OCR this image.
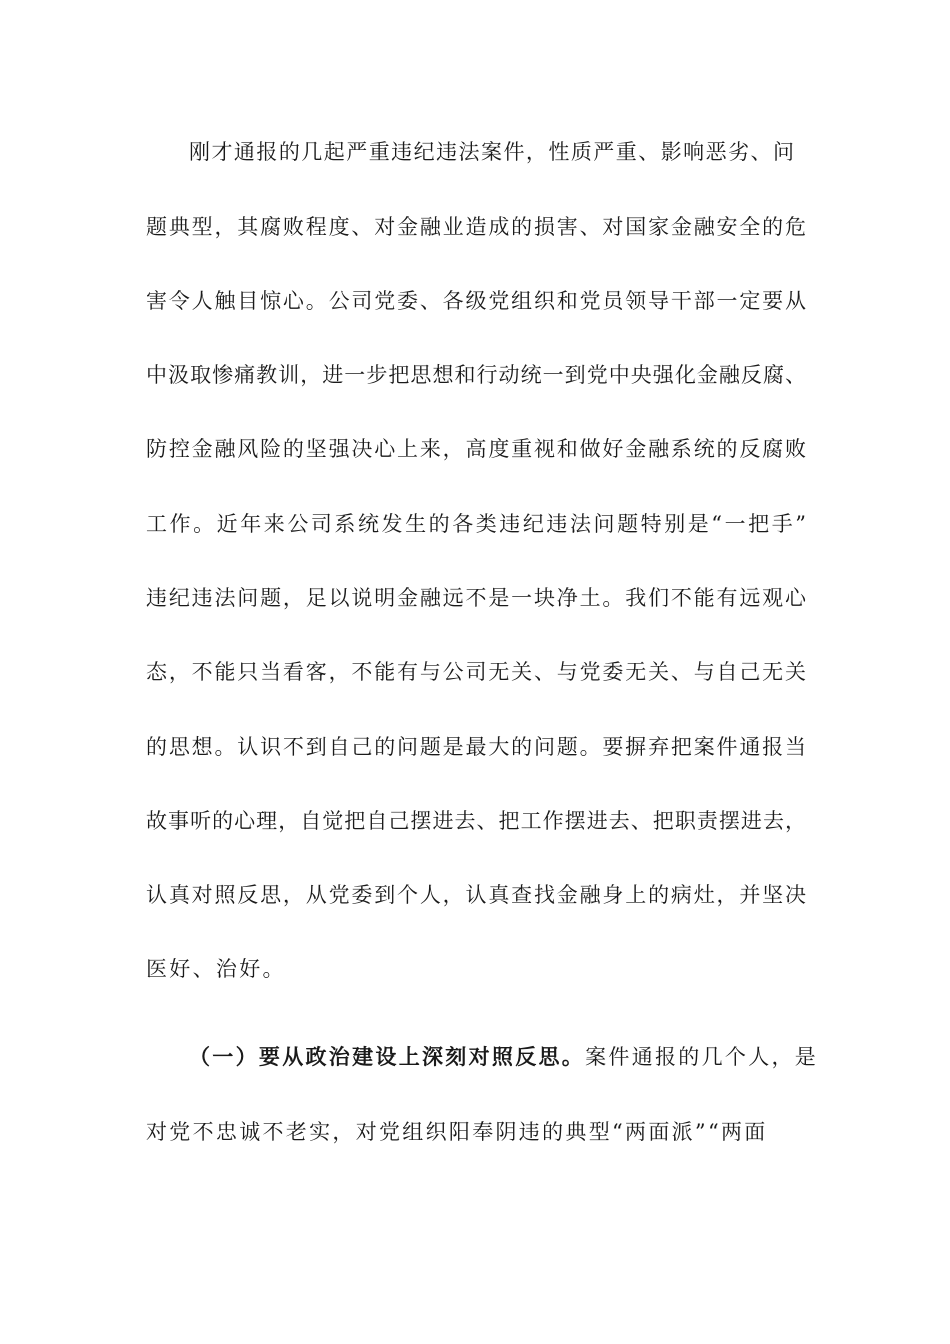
刚才通报的几起严重违纪违法案件，性质严重、影响恶劣、问
题典型，其腐败程度、对金融业造成的损害、对国家金融安全的危
害令人触目惊心。公司党委、各级党组织和党员领导干部一定要从
中汲取惨痛教训，进一步把思想和行动统一到党中央强化金融反腐、
防控金融风险的坚强决心上来，高度重视和做好金融系统的反腐败
工作。近年来公司系统发生的各类违纪违法问题特别是“一把手”
违纪违法问题，足以说明金融远不是一块净土。我们不能有远观心
态，不能只当看客，不能有与公司无关、与党委无关、与自己无关
的思想。认识不到自己的问题是最大的问题。要摒弃把案件通报当
故事听的心理，自觉把自己摆进去、把工作摆进去、把职责摆进去，
认真对照反思，从党委到个人，认真查找金融身上的病灶，并坚决
医好、治好。
（一）要从政治建设上深刻对照反思。案件通报的几个人，是
对党不忠诚不老实，对党组织阳奉阴违的典型“两面派”“两面
